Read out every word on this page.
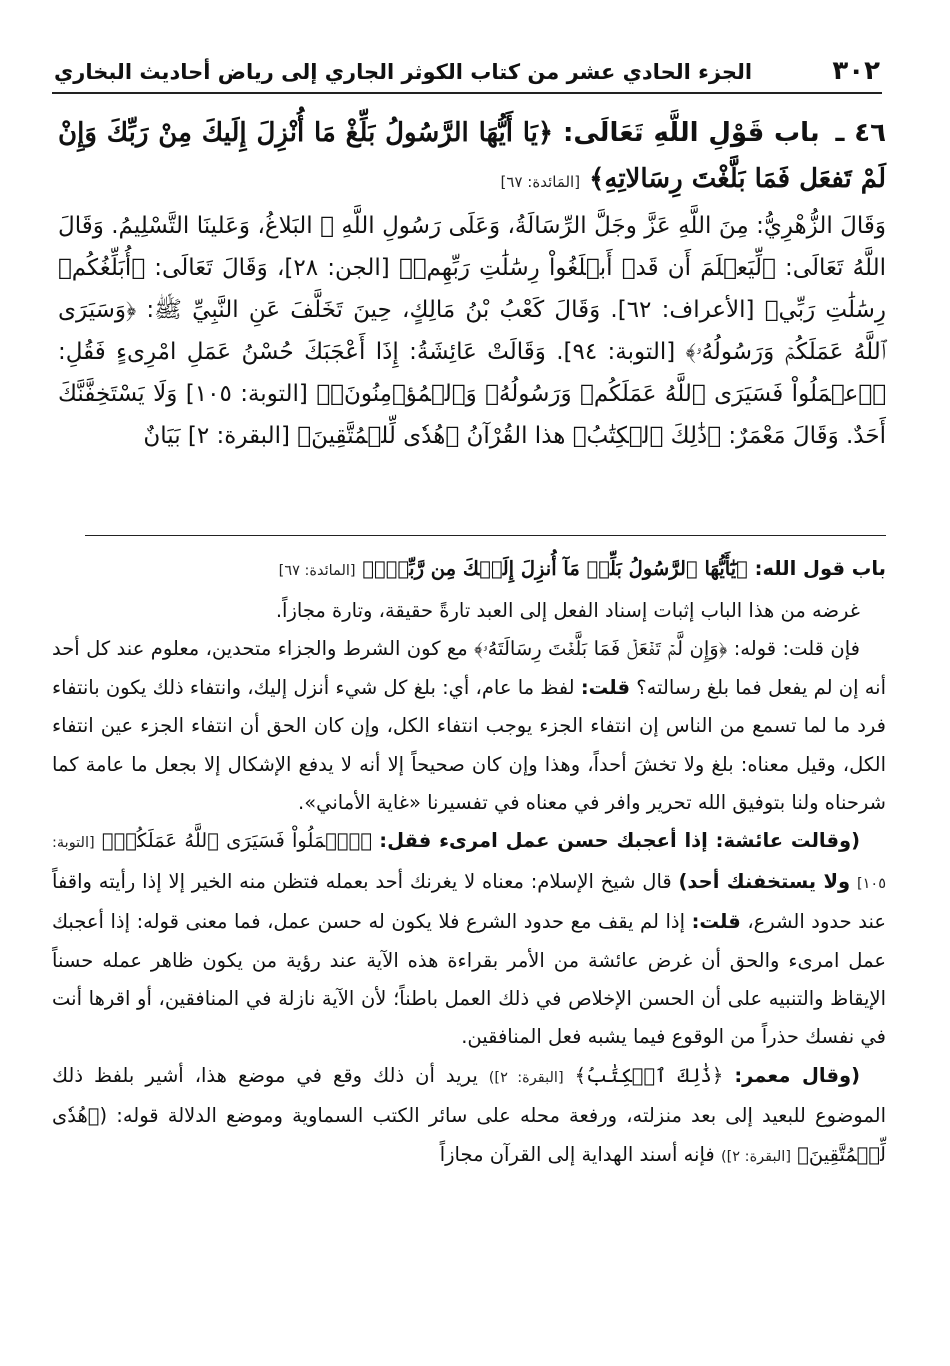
٣٠٢
الجزء الحادي عشر من كتاب الكوثر الجاري إلى رياض أحاديث البخاري
٤٦ ـ باب قَوْلِ اللَّهِ تَعَالَى: ﴿يَا أَيُّهَا الرَّسُولُ بَلِّغْ مَا أُنْزِلَ إِلَيكَ مِنْ رَبِّكَ وَإِنْ لَمْ تَفعَل فَمَا بَلَّغْتَ رِسَالاتِهِ﴾ [المَائدة: ٦٧]

وَقَالَ الزُّهْرِيُّ: مِنَ اللَّهِ عَزَّ وجَلَّ الرِّسَالَةُ، وَعَلَى رَسُولِ اللَّهِ ﷺ البَلاغُ، وَعَلينَا التَّسْلِيمُ. وَقَالَ اللَّهُ تَعَالَى: ﴿لِّيَعۡلَمَ أَن قَدۡ أَبۡلَغُواْ رِسَٰلَٰتِ رَبِّهِمۡ﴾ [الجن: ٢٨]، وَقَالَ تَعَالَى: ﴿أُبَلِّغُكُمۡ رِسَٰلَٰتِ رَبِّي﴾ [الأعراف: ٦٢]. وَقَالَ كَعْبُ بْنُ مَالِكٍ، حِينَ تَخَلَّفَ عَنِ النَّبِيِّ ﷺ: ﴿وَسَيَرَى ٱللَّهُ عَمَلَكُمۡ وَرَسُولُهُۥ﴾ [التوبة: ٩٤]. وَقَالَتْ عَائِشَةُ: إِذَا أَعْجَبَكَ حُسْنُ عَمَلِ امْرِىءٍ فَقُلِ: ﴿ٱعۡمَلُواْ فَسَيَرَى ٱللَّهُ عَمَلَكُمۡ وَرَسُولُهُۥ وَٱلۡمُؤۡمِنُونَۖ﴾ [التوبة: ١٠٥] وَلَا يَسْتَخِفَّنَّكَ أَحَدٌ. وَقَالَ مَعْمَرٌ: ﴿ذَٰلِكَ ٱلۡكِتَٰبُ﴾ هذا القُرْآنُ ﴿هُدٗى لِّلۡمُتَّقِينَ﴾ [البقرة: ٢] بَيَانٌ

باب قول الله: ﴿يَٰٓأَيُّهَا ٱلرَّسُولُ بَلِّغۡ مَآ أُنزِلَ إِلَيۡكَ مِن رَّبِّكَۖ﴾ [المائدة: ٦٧]

غرضه من هذا الباب إثبات إسناد الفعل إلى العبد تارةً حقيقة، وتارة مجازاً.

فإن قلت: قوله: ﴿وَإِن لَّمۡ تَفۡعَلۡ فَمَا بَلَّغۡتَ رِسَالَتَهُۥ﴾ مع كون الشرط والجزاء متحدين، معلوم عند كل أحد أنه إن لم يفعل فما بلغ رسالته؟ قلت: لفظ ما عام، أي: بلغ كل شيء أنزل إليك، وانتفاء ذلك يكون بانتفاء فرد ما لما تسمع من الناس إن انتفاء الجزء يوجب انتفاء الكل، وإن كان الحق أن انتفاء الجزء عين انتفاء الكل، وقيل معناه: بلغ ولا تخشَ أحداً، وهذا وإن كان صحيحاً إلا أنه لا يدفع الإشكال إلا بجعل ما عامة كما شرحناه ولنا بتوفيق الله تحرير وافر في معناه في تفسيرنا «غاية الأماني».

(وقالت عائشة: إذا أعجبك حسن عمل امرىء فقل: ﴿ٱعۡمَلُواْ فَسَيَرَى ٱللَّهُ عَمَلَكُمۡ﴾ [التوبة: ١٠٥] ولا يستخفنك أحد) قال شيخ الإسلام: معناه لا يغرنك أحد بعمله فتظن منه الخير إلا إذا رأيته واقفاً عند حدود الشرع، قلت: إذا لم يقف مع حدود الشرع فلا يكون له حسن عمل، فما معنى قوله: إذا أعجبك عمل امرىء والحق أن غرض عائشة من الأمر بقراءة هذه الآية عند رؤية من يكون ظاهر عمله حسناً الإيقاظ والتنبيه على أن الحسن الإخلاص في ذلك العمل باطناً؛ لأن الآية نازلة في المنافقين، أو اقرها أنت في نفسك حذراً من الوقوع فيما يشبه فعل المنافقين.

(وقال معمر: ﴿ذَٰلِكَ ٱلۡكِتَٰبُ﴾ [البقرة: ٢]) يريد أن ذلك وقع في موضع هذا، أشير بلفظ ذلك الموضوع للبعيد إلى بعد منزلته، ورفعة محله على سائر الكتب السماوية وموضع الدلالة قوله: (﴿هُدٗى لِّلۡمُتَّقِينَ﴾ [البقرة: ٢]) فإنه أسند الهداية إلى القرآن مجازاً
